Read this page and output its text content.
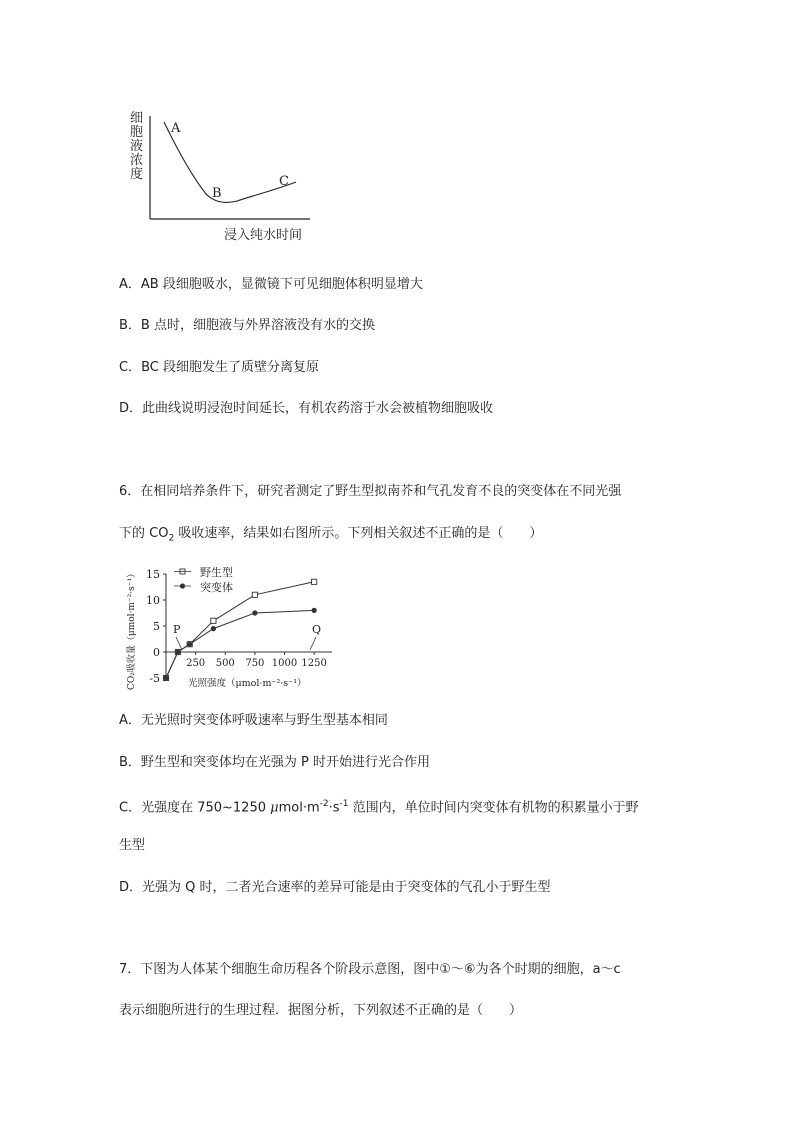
A
B
C
浸入纯水时间
细胞液浓度
A．AB 段细胞吸水，显微镜下可见细胞体积明显增大
B．B 点时，细胞液与外界溶液没有水的交换
C．BC 段细胞发生了质壁分离复原
D．此曲线说明浸泡时间延长，有机农药溶于水会被植物细胞吸收
6．在相同培养条件下，研究者测定了野生型拟南芥和气孔发育不良的突变体在不同光强
下的 $CO_2$ 吸收速率，结果如右图所示。下列相关叙述不正确的是（　　）
-5
0
5
10
15
250 500 750 1000 1250
野生型
突变体
P	Q
光照强度（μmol·m⁻²·s⁻¹）
CO₂吸收量（μmol·m⁻²·s⁻¹）
A．无光照时突变体呼吸速率与野生型基本相同
B．野生型和突变体均在光强为 P 时开始进行光合作用
C．光强度在 750~1250 $\mu mol\cdot m^{-2}\cdot s^{-1}$ 范围内，单位时间内突变体有机物的积累量小于野
生型
D．光强为 Q 时，二者光合速率的差异可能是由于突变体的气孔小于野生型
7．下图为人体某个细胞生命历程各个阶段示意图，图中①～⑥为各个时期的细胞，a～c
表示细胞所进行的生理过程．据图分析，下列叙述不正确的是（　　）
